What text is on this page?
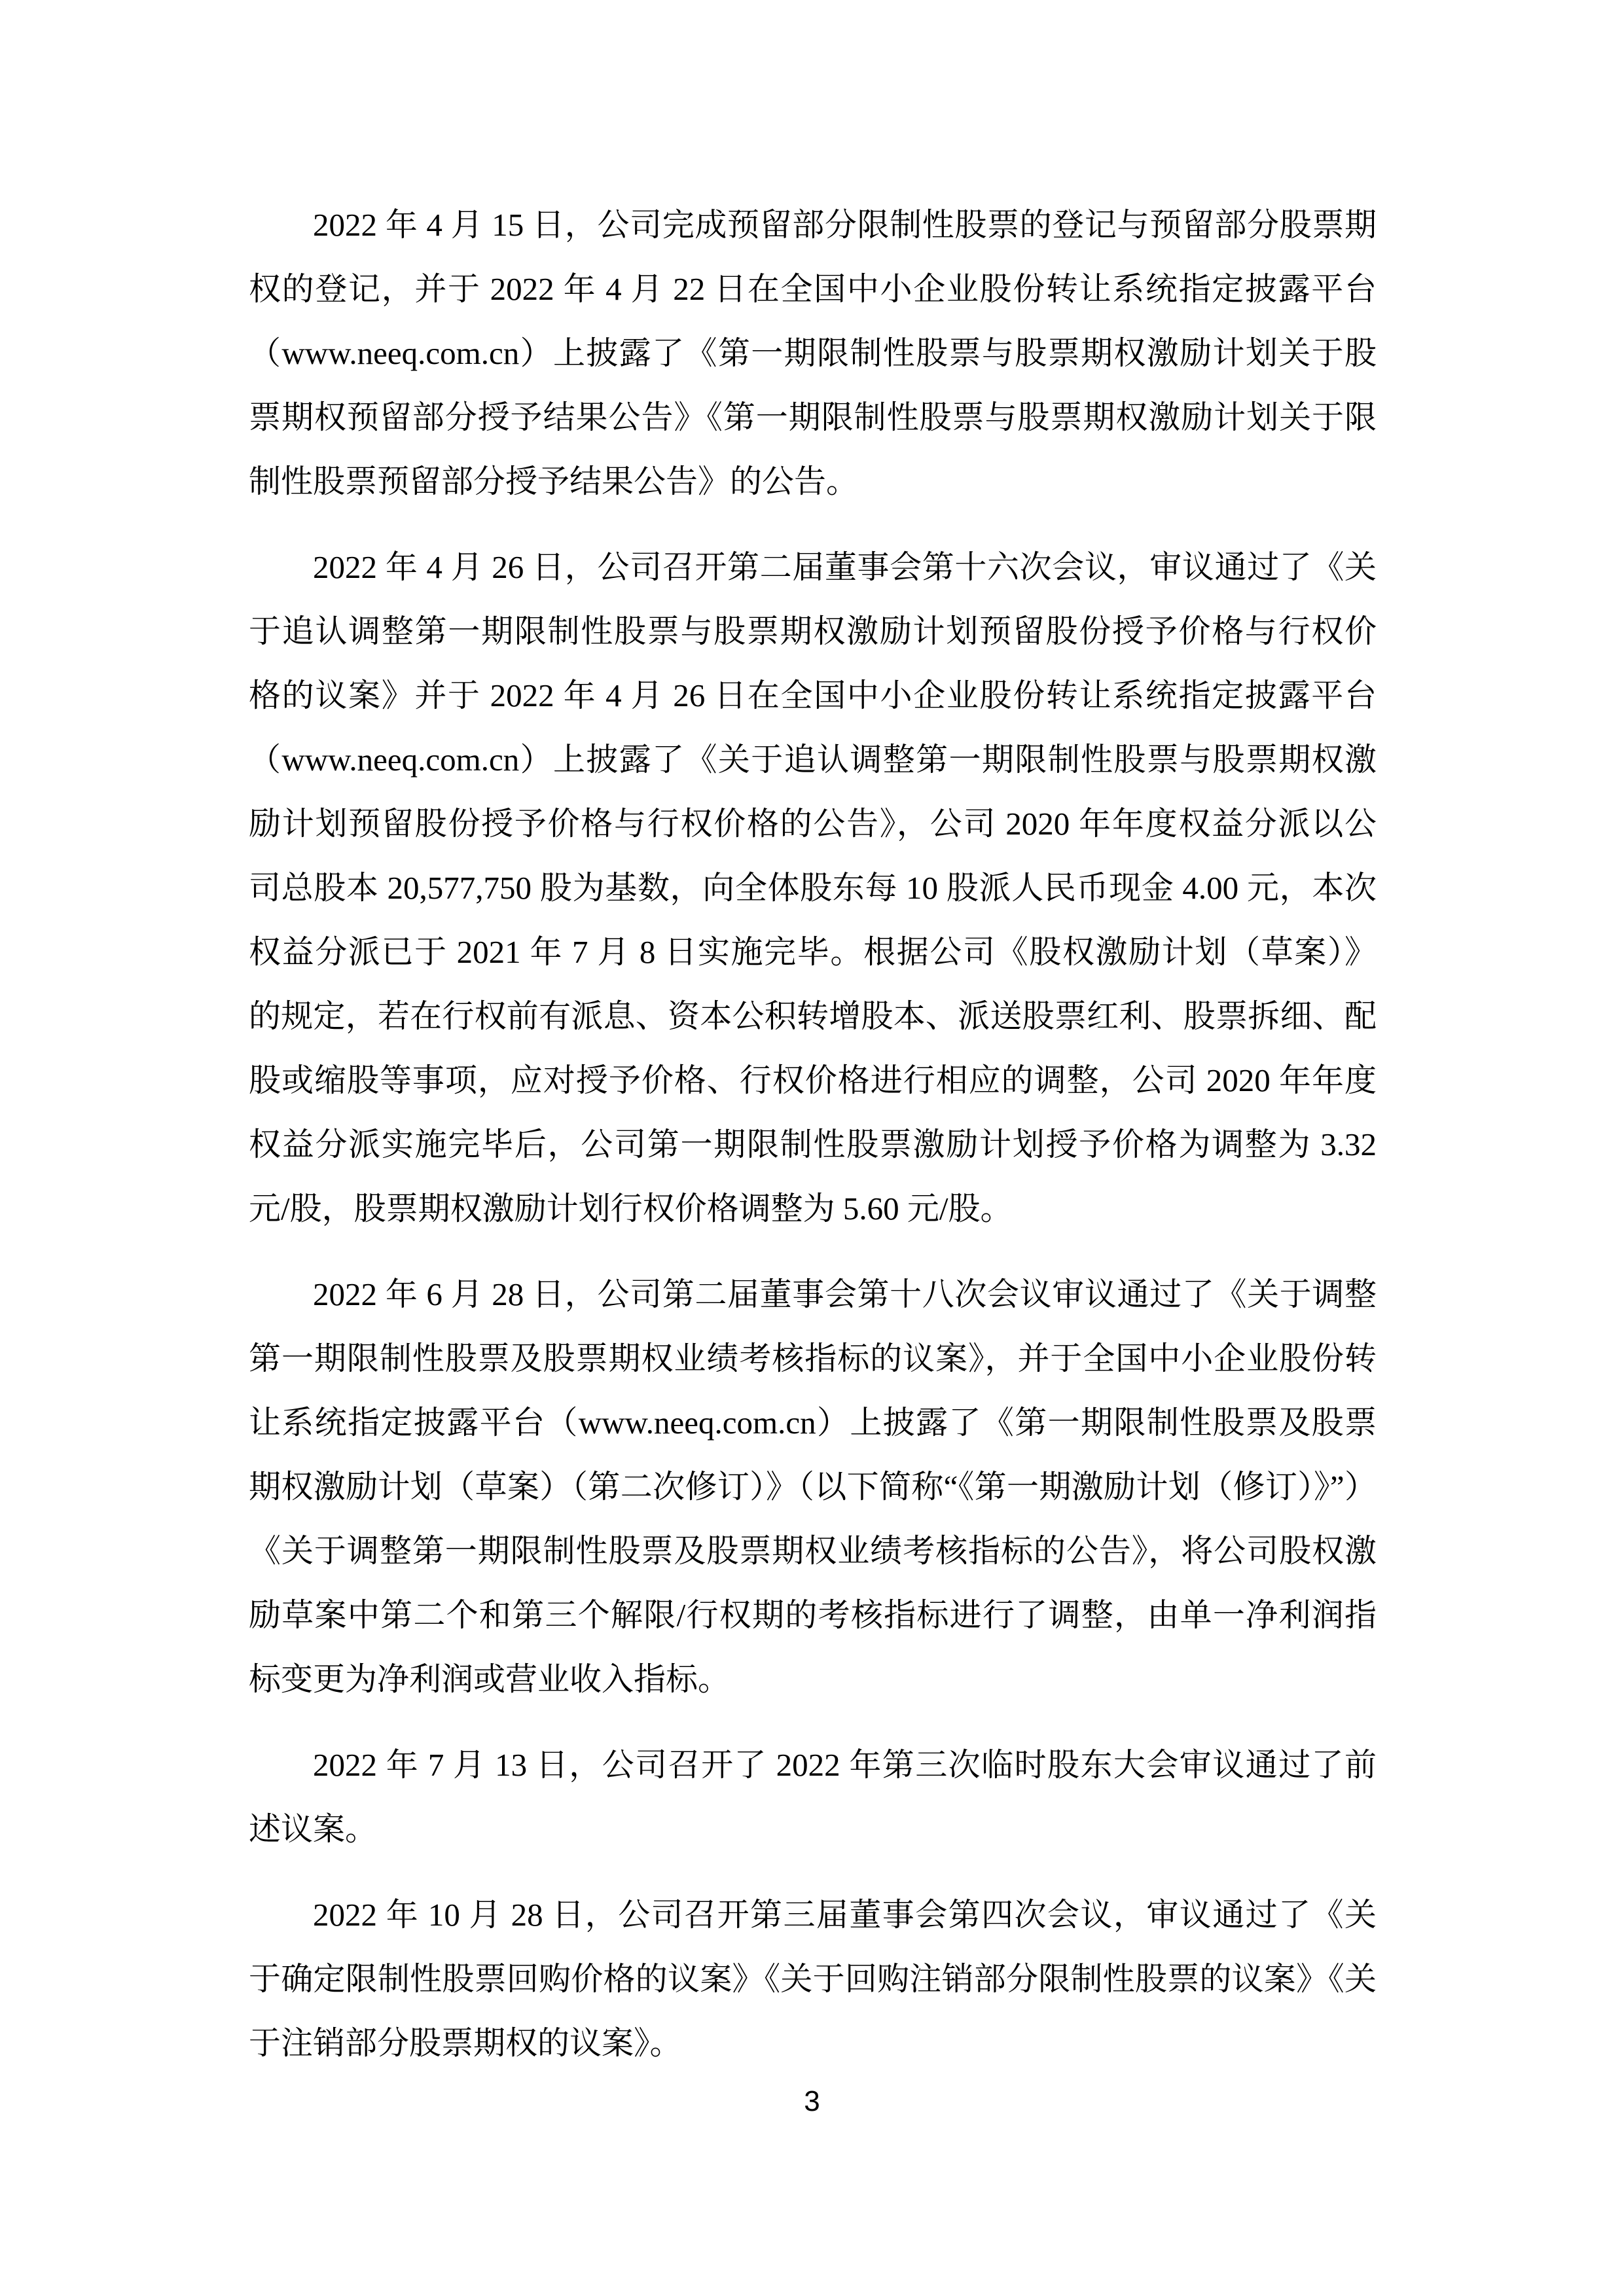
2022 年 4 月 15 日，公司完成预留部分限制性股票的登记与预留部分股票期
权的登记，并于 2022 年 4 月 22 日在全国中小企业股份转让系统指定披露平台
（www.neeq.com.cn）上披露了《第一期限制性股票与股票期权激励计划关于股
票期权预留部分授予结果公告》《第一期限制性股票与股票期权激励计划关于限
制性股票预留部分授予结果公告》的公告。

2022 年 4 月 26 日，公司召开第二届董事会第十六次会议，审议通过了《关
于追认调整第一期限制性股票与股票期权激励计划预留股份授予价格与行权价
格的议案》并于 2022 年 4 月 26 日在全国中小企业股份转让系统指定披露平台
（www.neeq.com.cn）上披露了《关于追认调整第一期限制性股票与股票期权激
励计划预留股份授予价格与行权价格的公告》，公司 2020 年年度权益分派以公
司总股本 20,577,750 股为基数，向全体股东每 10 股派人民币现金 4.00 元，本次
权益分派已于 2021 年 7 月 8 日实施完毕。根据公司《股权激励计划（草案）》
的规定，若在行权前有派息、资本公积转增股本、派送股票红利、股票拆细、配
股或缩股等事项，应对授予价格、行权价格进行相应的调整，公司 2020 年年度
权益分派实施完毕后，公司第一期限制性股票激励计划授予价格为调整为 3.32
元/股，股票期权激励计划行权价格调整为 5.60 元/股。

2022 年 6 月 28 日，公司第二届董事会第十八次会议审议通过了《关于调整
第一期限制性股票及股票期权业绩考核指标的议案》，并于全国中小企业股份转
让系统指定披露平台（www.neeq.com.cn）上披露了《第一期限制性股票及股票
期权激励计划（草案）（第二次修订）》（以下简称“《第一期激励计划（修订）》”）
《关于调整第一期限制性股票及股票期权业绩考核指标的公告》，将公司股权激
励草案中第二个和第三个解限/行权期的考核指标进行了调整，由单一净利润指
标变更为净利润或营业收入指标。

2022 年 7 月 13 日，公司召开了 2022 年第三次临时股东大会审议通过了前
述议案。

2022 年 10 月 28 日，公司召开第三届董事会第四次会议，审议通过了《关
于确定限制性股票回购价格的议案》《关于回购注销部分限制性股票的议案》《关
于注销部分股票期权的议案》。

3
